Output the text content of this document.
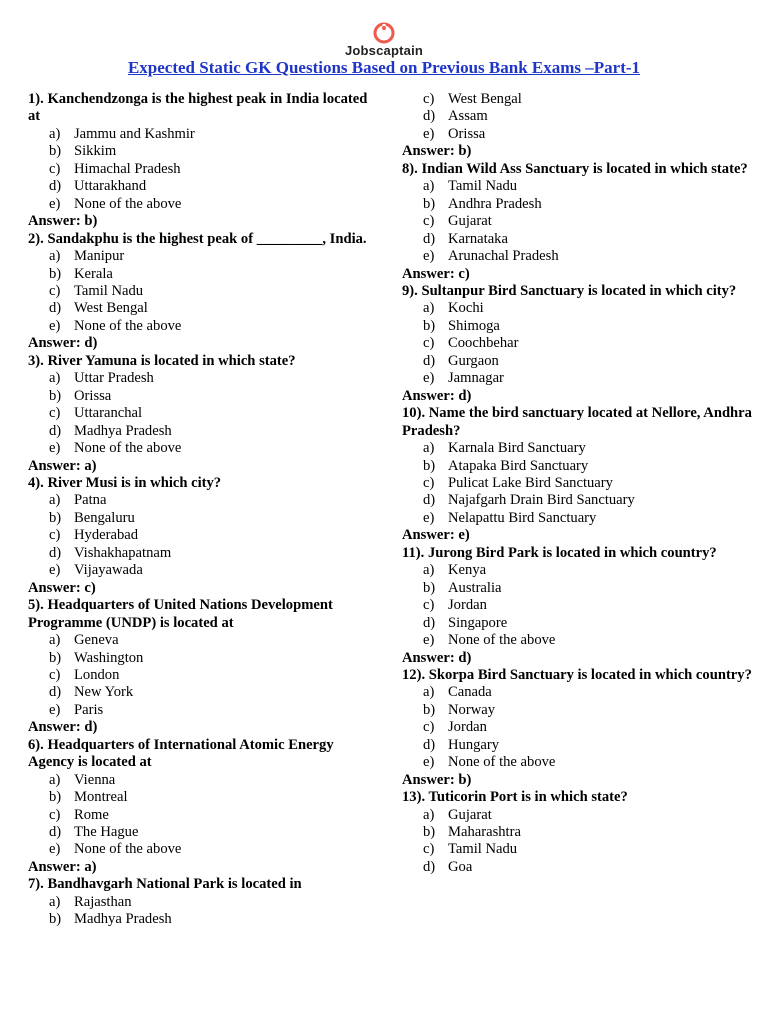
Jobscaptain
Expected Static GK Questions Based on Previous Bank Exams –Part-1

1). Kanchendzonga is the highest peak in India located at

a) Jammu and Kashmir
b) Sikkim
c) Himachal Pradesh
d) Uttarakhand
e) None of the above

Answer: b)

2). Sandakphu is the highest peak of _________, India.

a) Manipur
b) Kerala
c) Tamil Nadu
d) West Bengal
e) None of the above

Answer: d)

3). River Yamuna is located in which state?

a) Uttar Pradesh
b) Orissa
c) Uttaranchal
d) Madhya Pradesh
e) None of the above

Answer: a)

4). River Musi is in which city?

a) Patna
b) Bengaluru
c) Hyderabad
d) Vishakhapatnam
e) Vijayawada

Answer: c)

5). Headquarters of United Nations Development Programme (UNDP) is located at

a) Geneva
b) Washington
c) London
d) New York
e) Paris

Answer: d)

6). Headquarters of International Atomic Energy Agency is located at

a) Vienna
b) Montreal
c) Rome
d) The Hague
e) None of the above

Answer: a)

7). Bandhavgarh National Park is located in

a) Rajasthan
b) Madhya Pradesh
c) West Bengal
d) Assam
e) Orissa

Answer: b)

8). Indian Wild Ass Sanctuary is located in which state?

a) Tamil Nadu
b) Andhra Pradesh
c) Gujarat
d) Karnataka
e) Arunachal Pradesh

Answer: c)

9). Sultanpur Bird Sanctuary is located in which city?

a) Kochi
b) Shimoga
c) Coochbehar
d) Gurgaon
e) Jamnagar

Answer: d)

10). Name the bird sanctuary located at Nellore, Andhra Pradesh?

a) Karnala Bird Sanctuary
b) Atapaka Bird Sanctuary
c) Pulicat Lake Bird Sanctuary
d) Najafgarh Drain Bird Sanctuary
e) Nelapattu Bird Sanctuary

Answer: e)

11). Jurong Bird Park is located in which country?

a) Kenya
b) Australia
c) Jordan
d) Singapore
e) None of the above

Answer: d)

12). Skorpa Bird Sanctuary is located in which country?

a) Canada
b) Norway
c) Jordan
d) Hungary
e) None of the above

Answer: b)

13). Tuticorin Port is in which state?

a) Gujarat
b) Maharashtra
c) Tamil Nadu
d) Goa
